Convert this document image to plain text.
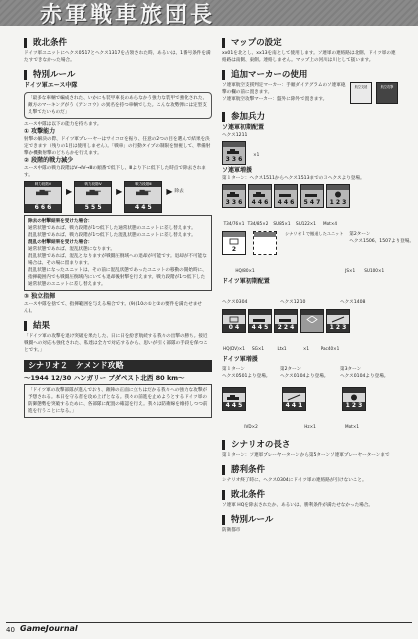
赤軍戦車旅団長

敗北条件

ドイツ軍ユニットにヘクス0517とヘクス1317を占領された時、あるいは、1番号条件を満たすできなかった場合。

特別ルール

ドイツ軍エース中隊

「最多な車輌で編成された、いかにも装甲車長のあらなかう強力な装甲で強化された、敵方のマーキングがう《アンコウ》の異名を持つ車輌でした。こんな攻勢弾には定型支え撃てたいものだ」

エース中隊は以下の能力を持ちます。

① 攻撃能力

射撃の解決の際、ドイツ軍プレーヤーはサイコロを振り、任意の2つの目を選んで結果を決定できます（残りの1目は使用しません）。「戦車」の行動タイプの制限を無視して、準備射撃か機動射撃のどちらかを行えます。

② 段階的戦力減少

エース中隊の戦力段階はⅤ→Ⅳ→Ⅲの順番で低下し、Ⅲより下に低下した時点で除去されます。

戦力段階Ⅴ
6 6 6
▶
戦力段階Ⅳ
5 5 5
▶
戦力段階Ⅲ
4 4 5
▶ 除去

除去の射撃結果を受けた場合：

通常状態であれば、戦力段階が1つ低下した通常状態のユニットに差し替えます。

混乱状態であれば、戦力段階が1つ低下した混乱状態のユニットに差し替えます。

混乱の射撃結果を受けた場合：

通常状態であれば、混乱状態になります。

混乱状態であれば、混乱となりますが戦闘圧倒域への退却が可能です。退却が不可能な場合は、その場に留まります。

混乱状態になったユニットは、その前に混乱状態であったユニットの移動の開始時に、指揮範囲内でも戦闘圧倒域内にいても退却後射撃を行えます。戦力段階が1つ低下した通常状態のユニットに差し替えます。

③ 独立指揮

エース中隊を捨てて、指揮範囲を与える場合です。(9)(10の①と②の要件を満たせません)。

結果

「ドイツ軍の攻撃を退け突破を果たした、日に日を紛ぎ航続する我々の出撃の勝ち。接近戦闘への対応も強化された、私達は全力で対応するから、思いが引く部隊の手段を保つことです。」

シナリオ２　ケメンド攻略

～1944 12/30 ハンガリー ブダペスト北西 80 km～

「ドイツ軍の攻撃部隊が進んでおり、敵陣の正面に立ちはだかる我々への強力な攻撃が予想される。本日を守る者を攻め上げとなる。我々の前進を止めようとするドイツ軍の防御態勢を突破するために、各部隊に配置の確認を行え。我々は防衛線を維持しつつ前進を行うことになる。」

マップの設定

xx01を北とし、xx13を南として使用します。ソ連軍の連絡路は北側、ドイツ軍の連絡路は南側、東側。連絡しません。マップ上の河川は川として扱います。

追加マーカーの使用

ソ連軍航空支援判定マーカー：手順ダイアグラムのソ連軍砲撃の欄の前に置きます。

ソ連軍航空攻撃マーカー：盤外に除外で置きます。

航空支援	航空攻撃

参加兵力

ソ連軍初期配置

ヘクス1211

3 3 6
×1

ソ連軍増援

第１ターン：ヘクス1511からヘクス1513までの３ヘクスより登場。

3 3 6	4 4 6	4 4 6	5 4 7	1 2 3
T34/76×1 T34/85×2 SU85×1 SU122×1 Mot×4
2

シナリオ１で撤退したユニット 第2ターン
ヘクス1506、1507より登場。
HQ/80×1	JS×1 SU100×1

ドイツ軍初期配置

ヘクス0304	ヘクス1210	ヘクス1408
0 4	4 4 5	2 2 4	1 2 3
HQ(DV)×1 SG×1	Ltx1	×1	Pac40×1

ドイツ軍増援

第１ターン
ヘクス0501より登場。
第2ターン
ヘクス0104より登場。
第3ターン
ヘクス0104より登場。
4 4 5	4 4 1	1 2 3
IVD×2	Hz×1	Mot×1

シナリオの長さ

第１ターン：ソ連軍プレーヤーターンから第5ターンソ連軍プレーヤーターンまで

勝利条件

シナリオ終了時に、ヘクス0304にドイツ軍の連絡路が引けないこと。

敗北条件

ソ連軍 HQを除去されたか、あるいは、勝利条件が満たせなかった場合。

特別ルール

防衛都市

40 GameJournal
